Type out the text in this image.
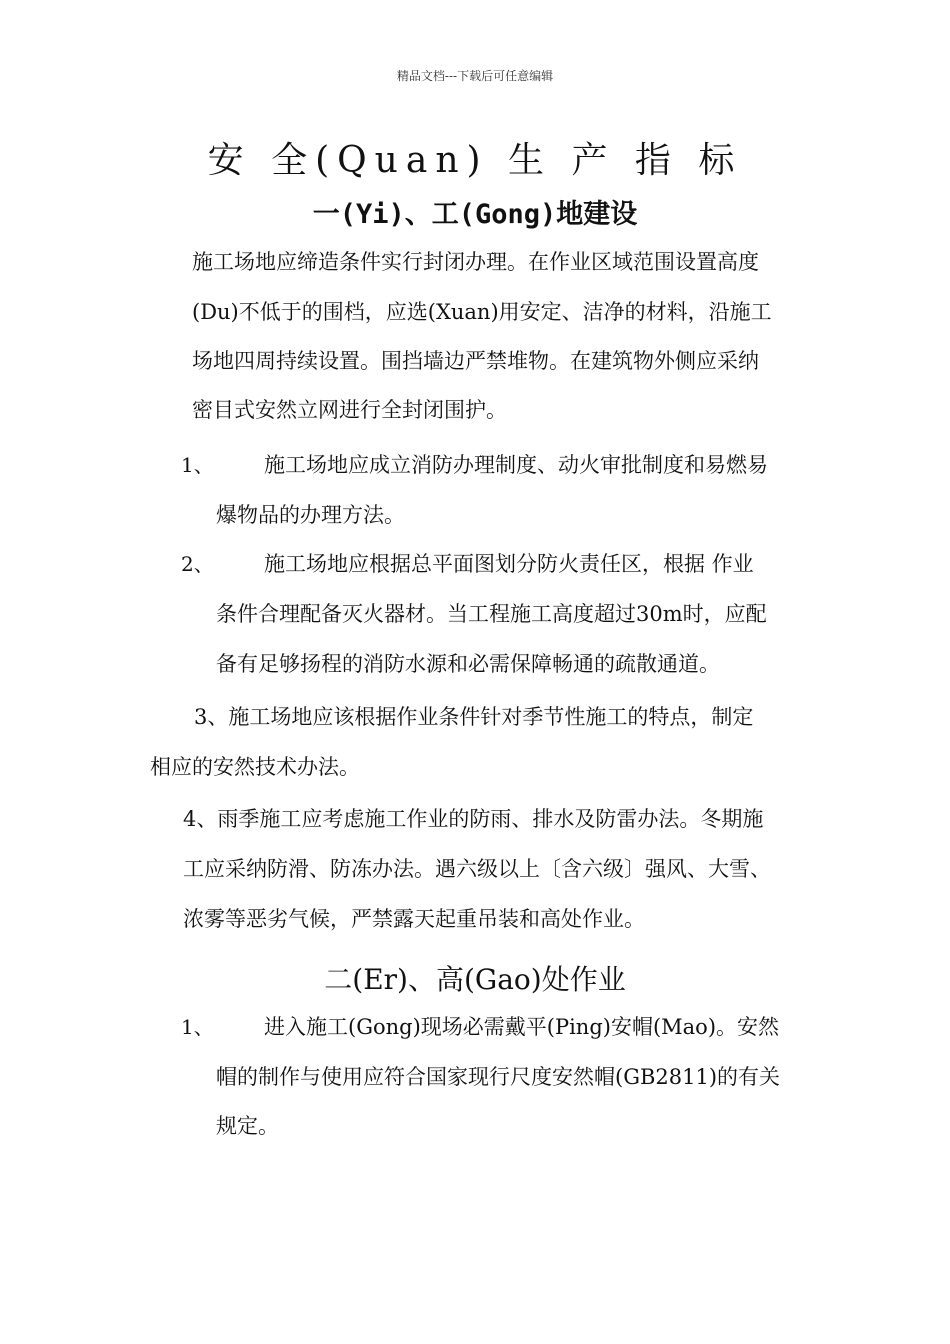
精品文档---下载后可任意编辑
安 全(Quan) 生 产 指 标
一(Yi)、工(Gong)地建设
施工场地应缔造条件实行封闭办理。在作业区域范围设置高度
(Du)不低于的围档，应选(Xuan)用安定、洁净的材料，沿施工
场地四周持续设置。围挡墙边严禁堆物。在建筑物外侧应采纳
密目式安然立网进行全封闭围护。
1、 施工场地应成立消防办理制度、动火审批制度和易燃易
爆物品的办理方法。
2、 施工场地应根据总平面图划分防火责任区，根据 作业
条件合理配备灭火器材。当工程施工高度超过30m时，应配
备有足够扬程的消防水源和必需保障畅通的疏散通道。
3、施工场地应该根据作业条件针对季节性施工的特点，制定
相应的安然技术办法。
4、雨季施工应考虑施工作业的防雨、排水及防雷办法。冬期施
工应采纳防滑、防冻办法。遇六级以上〔含六级〕强风、大雪、
浓雾等恶劣气候，严禁露天起重吊装和高处作业。
二(Er)、高(Gao)处作业
1、 进入施工(Gong)现场必需戴平(Ping)安帽(Mao)。安然
帽的制作与使用应符合国家现行尺度安然帽(GB2811)的有关
规定。
